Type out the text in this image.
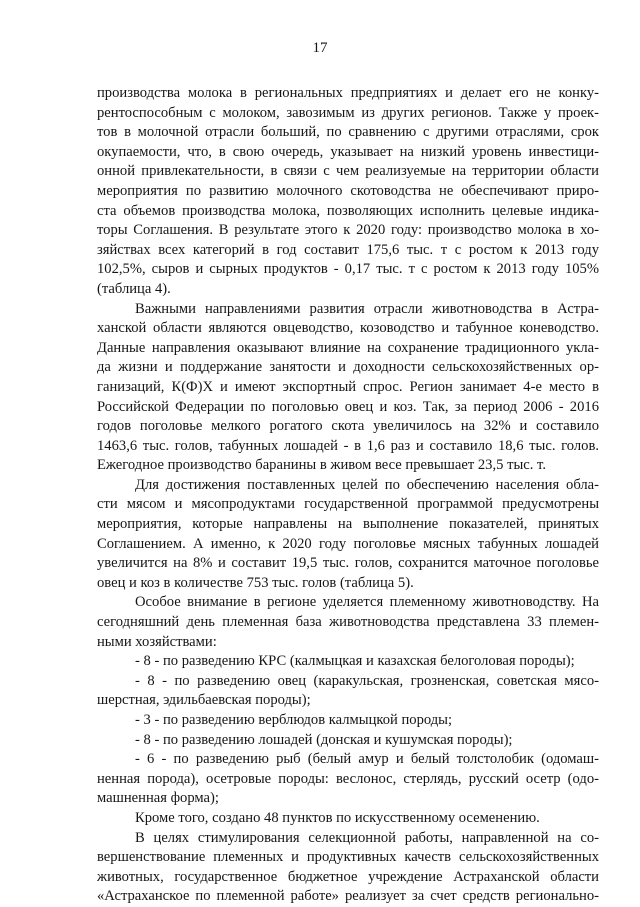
17

производства молока в региональных предприятиях и делает его не конку-

рентоспособным с молоком, завозимым из других регионов. Также у проек-

тов в молочной отрасли больший, по сравнению с другими отраслями, срок

окупаемости, что, в свою очередь, указывает на низкий уровень инвестици-

онной привлекательности, в связи с чем реализуемые на территории области

мероприятия по развитию молочного скотоводства не обеспечивают приро-

ста объемов производства молока, позволяющих исполнить целевые индика-

торы Соглашения. В результате этого к 2020 году: производство молока в хо-

зяйствах всех категорий в год составит 175,6 тыс. т с ростом к 2013 году

102,5%, сыров и сырных продуктов - 0,17 тыс. т с ростом к 2013 году 105%

(таблица 4).

Важными направлениями развития отрасли животноводства в Астра-

ханской области являются овцеводство, козоводство и табунное коневодство.

Данные направления оказывают влияние на сохранение традиционного укла-

да жизни и поддержание занятости и доходности сельскохозяйственных ор-

ганизаций, К(Ф)Х и имеют экспортный спрос. Регион занимает 4-е место в

Российской Федерации по поголовью овец и коз. Так, за период 2006 - 2016

годов поголовье мелкого рогатого скота увеличилось на 32% и составило

1463,6 тыс. голов, табунных лошадей - в 1,6 раз и составило 18,6 тыс. голов.

Ежегодное производство баранины в живом весе превышает 23,5 тыс. т.

Для достижения поставленных целей по обеспечению населения обла-

сти мясом и мясопродуктами государственной программой предусмотрены

мероприятия, которые направлены на выполнение показателей, принятых

Соглашением. А именно, к 2020 году поголовье мясных табунных лошадей

увеличится на 8% и составит 19,5 тыс. голов, сохранится маточное поголовье

овец и коз в количестве 753 тыс. голов (таблица 5).

Особое внимание в регионе уделяется племенному животноводству. На

сегодняшний день племенная база животноводства представлена 33 племен-

ными хозяйствами:

- 8 - по разведению КРС (калмыцкая и казахская белоголовая породы);

- 8 - по разведению овец (каракульская, грозненская, советская мясо-

шерстная, эдильбаевская породы);

- 3 - по разведению верблюдов калмыцкой породы;

- 8 - по разведению лошадей (донская и кушумская породы);

- 6 - по разведению рыб (белый амур и белый толстолобик (одомаш-

ненная порода), осетровые породы: веслонос, стерлядь, русский осетр (одо-

машненная форма);

Кроме того, создано 48 пунктов по искусственному осеменению.

В целях стимулирования селекционной работы, направленной на со-

вершенствование племенных и продуктивных качеств сельскохозяйственных

животных, государственное бюджетное учреждение Астраханской области

«Астраханское по племенной работе» реализует за счет средств регионально-
